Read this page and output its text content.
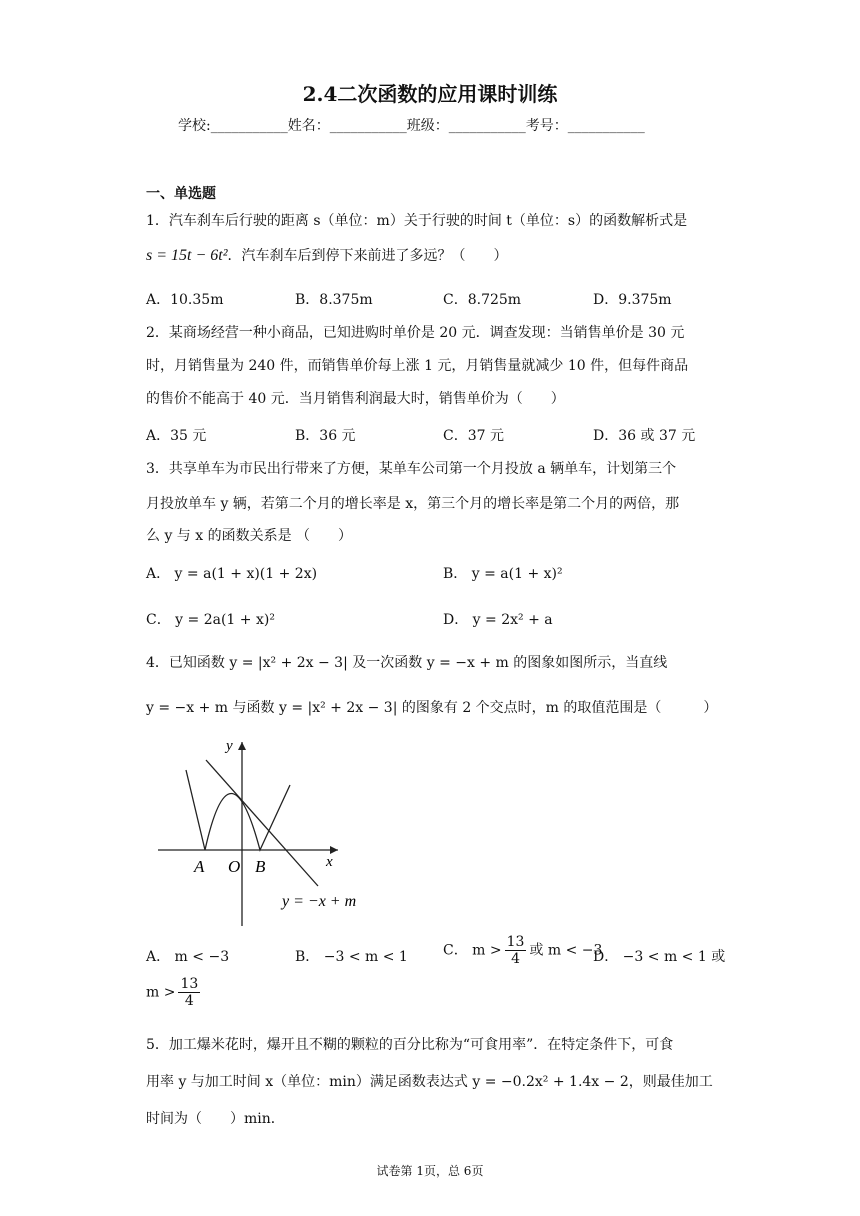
2.4二次函数的应用课时训练
学校:___________姓名：___________班级：___________考号：___________
一、单选题
1．汽车刹车后行驶的距离 s（单位：m）关于行驶的时间 t（单位：s）的函数解析式是
s = 15t − 6t²．汽车刹车后到停下来前进了多远？（　　）
A．10.35m	B．8.375m	C．8.725m	D．9.375m
2．某商场经营一种小商品，已知进购时单价是 20 元．调查发现：当销售单价是 30 元
时，月销售量为 240 件，而销售单价每上涨 1 元，月销售量就减少 10 件，但每件商品
的售价不能高于 40 元．当月销售利润最大时，销售单价为（　　）
A．35 元	B．36 元	C．37 元	D．36 或 37 元
3．共享单车为市民出行带来了方便，某单车公司第一个月投放 a 辆单车，计划第三个
月投放单车 y 辆，若第二个月的增长率是 x，第三个月的增长率是第二个月的两倍，那
么 y 与 x 的函数关系是 （　　）
A． y = a(1 + x)(1 + 2x)	B． y = a(1 + x)²
C． y = 2a(1 + x)²	D． y = 2x² + a
4．已知函数 y = |x² + 2x − 3| 及一次函数 y = −x + m 的图象如图所示，当直线
y = −x + m 与函数 y = |x² + 2x − 3| 的图象有 2 个交点时，m 的取值范围是（　　　）
y
x
A O B
y = −x + m
A． m < −3	B． −3 < m < 1	C． $m > \frac{13}{4}$ 或 m < −3
D． −3 < m < 1 或
$m > \frac{13}{4}$
5．加工爆米花时，爆开且不糊的颗粒的百分比称为“可食用率”．在特定条件下，可食
用率 y 与加工时间 x（单位：min）满足函数表达式 y = −0.2x² + 1.4x − 2，则最佳加工
时间为（　　）min．
试卷第 1页，总 6页
